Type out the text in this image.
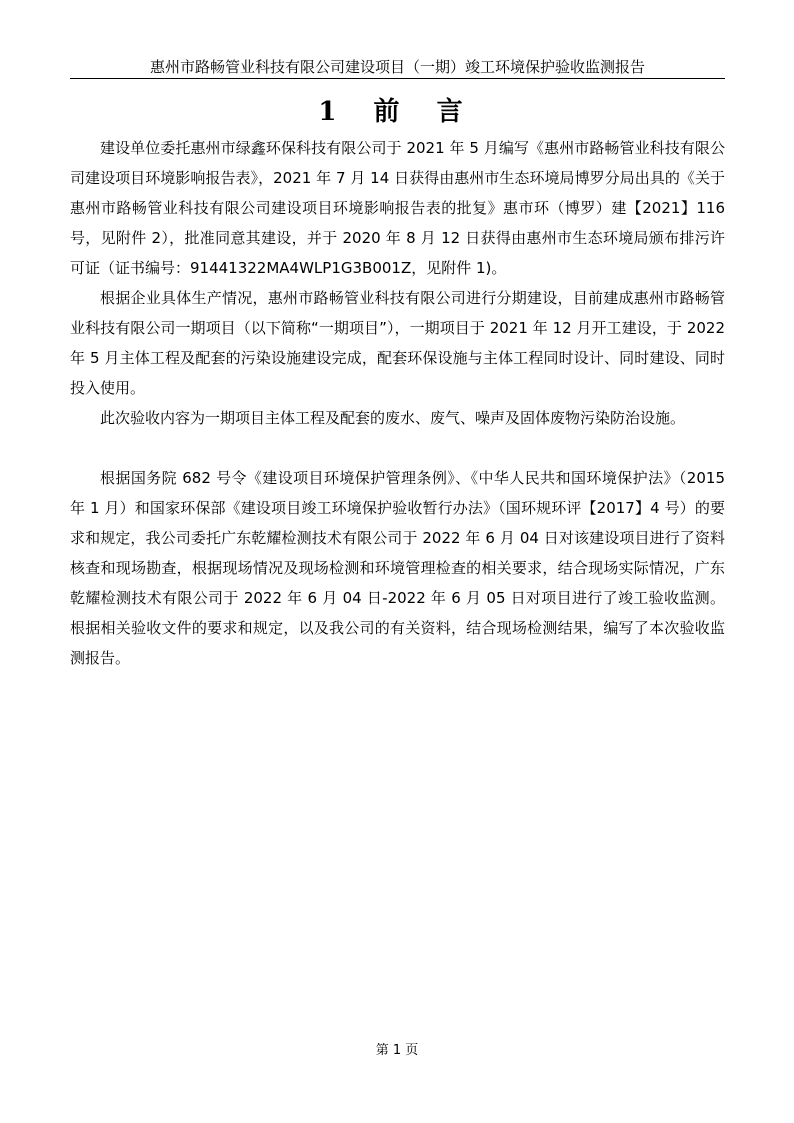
惠州市路畅管业科技有限公司建设项目（一期）竣工环境保护验收监测报告
1 前 言

建设单位委托惠州市绿鑫环保科技有限公司于 2021 年 5 月编写《惠州市路畅管业科技有限公司建设项目环境影响报告表》，2021 年 7 月 14 日获得由惠州市生态环境局博罗分局出具的《关于惠州市路畅管业科技有限公司建设项目环境影响报告表的批复》惠市环（博罗）建【2021】116 号，见附件 2），批准同意其建设，并于 2020 年 8 月 12 日获得由惠州市生态环境局颁布排污许可证（证书编号：91441322MA4WLP1G3B001Z，见附件 1)。

根据企业具体生产情况，惠州市路畅管业科技有限公司进行分期建设，目前建成惠州市路畅管业科技有限公司一期项目（以下简称“一期项目”），一期项目于 2021 年 12 月开工建设，于 2022 年 5 月主体工程及配套的污染设施建设完成，配套环保设施与主体工程同时设计、同时建设、同时投入使用。

此次验收内容为一期项目主体工程及配套的废水、废气、噪声及固体废物污染防治设施。

根据国务院 682 号令《建设项目环境保护管理条例》、《中华人民共和国环境保护法》（2015 年 1 月）和国家环保部《建设项目竣工环境保护验收暂行办法》（国环规环评【2017】4 号）的要求和规定，我公司委托广东乾耀检测技术有限公司于 2022 年 6 月 04 日对该建设项目进行了资料核查和现场勘查，根据现场情况及现场检测和环境管理检查的相关要求，结合现场实际情况，广东乾耀检测技术有限公司于 2022 年 6 月 04 日-2022 年 6 月 05 日对项目进行了竣工验收监测。根据相关验收文件的要求和规定，以及我公司的有关资料，结合现场检测结果，编写了本次验收监测报告。

第 1 页
